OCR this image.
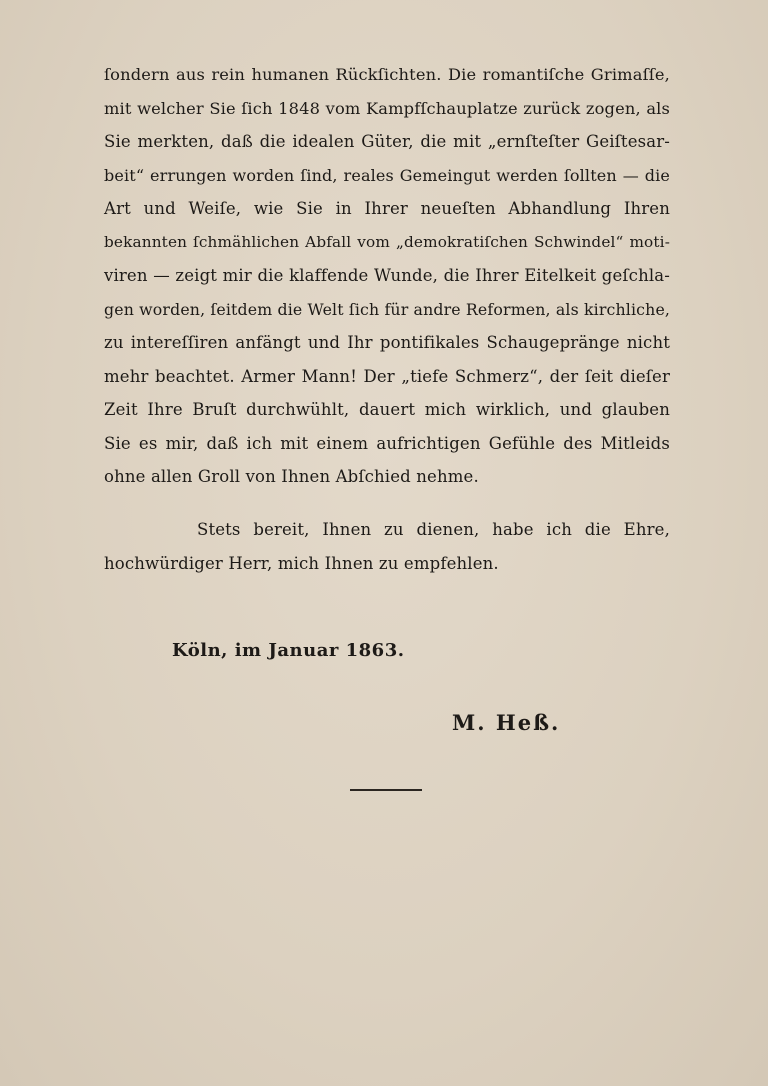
ſondern aus rein humanen Rückſichten. Die romantiſche Grimaſſe,
mit welcher Sie ſich 1848 vom Kampfſchauplatze zurück zogen, als
Sie merkten, daß die idealen Güter, die mit „ernſteſter Geiſtesar-
beit“ errungen worden ſind, reales Gemeingut werden ſollten — die
Art und Weiſe, wie Sie in Ihrer neueſten Abhandlung Ihren
bekannten ſchmählichen Abfall vom „demokratiſchen Schwindel“ moti-
viren — zeigt mir die klaffende Wunde, die Ihrer Eitelkeit geſchla-
gen worden, ſeitdem die Welt ſich für andre Reformen, als kirchliche,
zu intereſſiren anfängt und Ihr pontifikales Schaugepränge nicht
mehr beachtet. Armer Mann! Der „tiefe Schmerz“, der ſeit dieſer
Zeit Ihre Bruſt durchwühlt, dauert mich wirklich, und glauben
Sie es mir, daß ich mit einem aufrichtigen Gefühle des Mitleids
ohne allen Groll von Ihnen Abſchied nehme.
Stets bereit, Ihnen zu dienen, habe ich die Ehre,
hochwürdiger Herr, mich Ihnen zu empfehlen.
Köln, im Januar 1863.
M. Heß.
